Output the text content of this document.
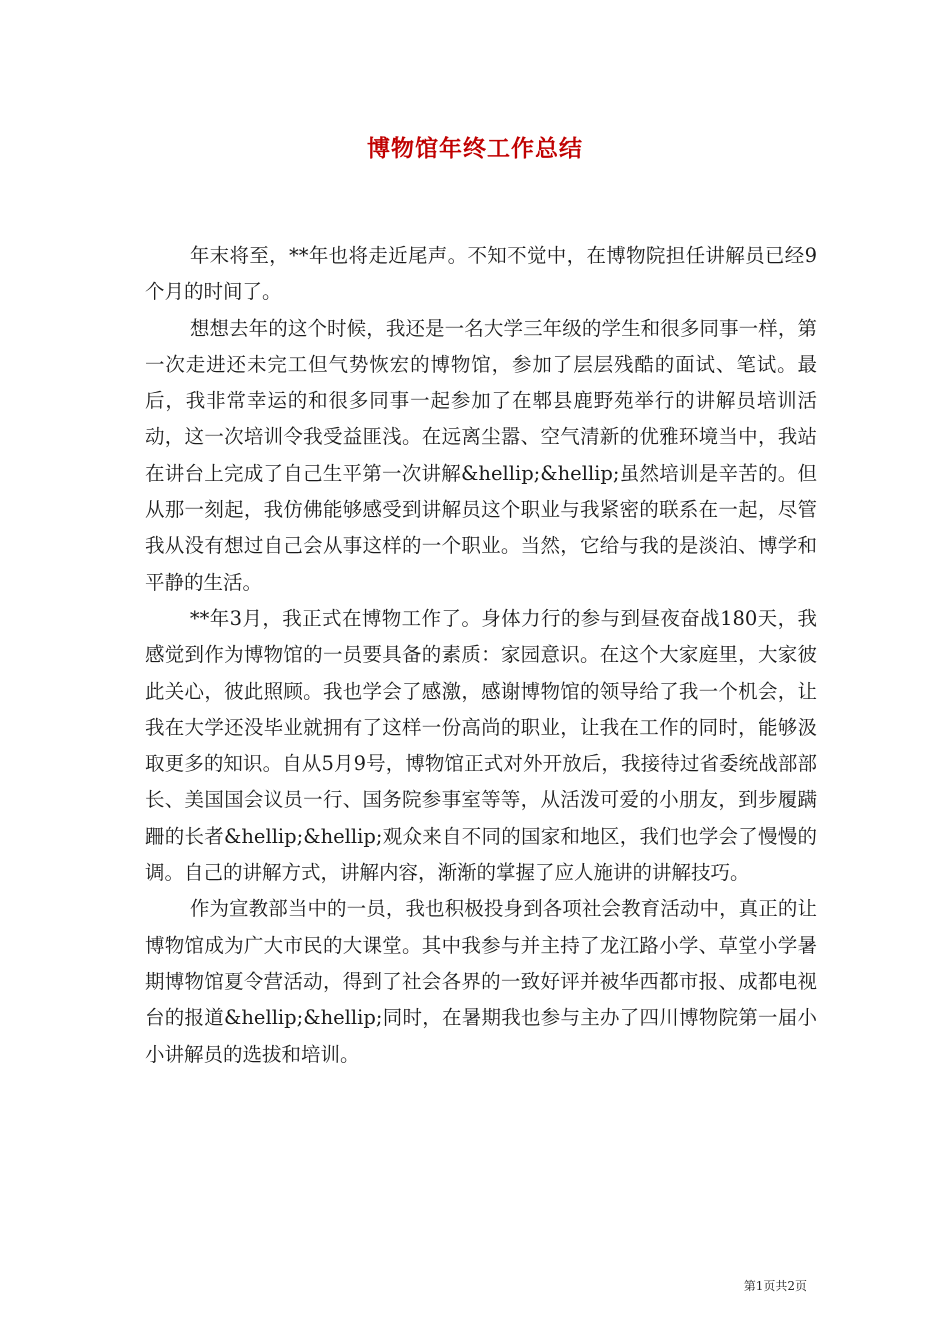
博物馆年终工作总结

年末将至，**年也将走近尾声。不知不觉中，在博物院担任讲解员已经9个月的时间了。

想想去年的这个时候，我还是一名大学三年级的学生和很多同事一样，第一次走进还未完工但气势恢宏的博物馆，参加了层层残酷的面试、笔试。最后，我非常幸运的和很多同事一起参加了在郫县鹿野苑举行的讲解员培训活动，这一次培训令我受益匪浅。在远离尘嚣、空气清新的优雅环境当中，我站在讲台上完成了自己生平第一次讲解&hellip;&hellip;虽然培训是辛苦的。但从那一刻起，我仿佛能够感受到讲解员这个职业与我紧密的联系在一起，尽管我从没有想过自己会从事这样的一个职业。当然，它给与我的是淡泊、博学和平静的生活。

**年3月，我正式在博物工作了。身体力行的参与到昼夜奋战180天，我感觉到作为博物馆的一员要具备的素质：家园意识。在这个大家庭里，大家彼此关心，彼此照顾。我也学会了感激，感谢博物馆的领导给了我一个机会，让我在大学还没毕业就拥有了这样一份高尚的职业，让我在工作的同时，能够汲取更多的知识。自从5月9号，博物馆正式对外开放后，我接待过省委统战部部长、美国国会议员一行、国务院参事室等等，从活泼可爱的小朋友，到步履蹒跚的长者&hellip;&hellip;观众来自不同的国家和地区，我们也学会了慢慢的调。自己的讲解方式，讲解内容，渐渐的掌握了应人施讲的讲解技巧。

作为宣教部当中的一员，我也积极投身到各项社会教育活动中，真正的让博物馆成为广大市民的大课堂。其中我参与并主持了龙江路小学、草堂小学暑期博物馆夏令营活动，得到了社会各界的一致好评并被华西都市报、成都电视台的报道&hellip;&hellip;同时，在暑期我也参与主办了四川博物院第一届小小讲解员的选拔和培训。

第1页共2页
